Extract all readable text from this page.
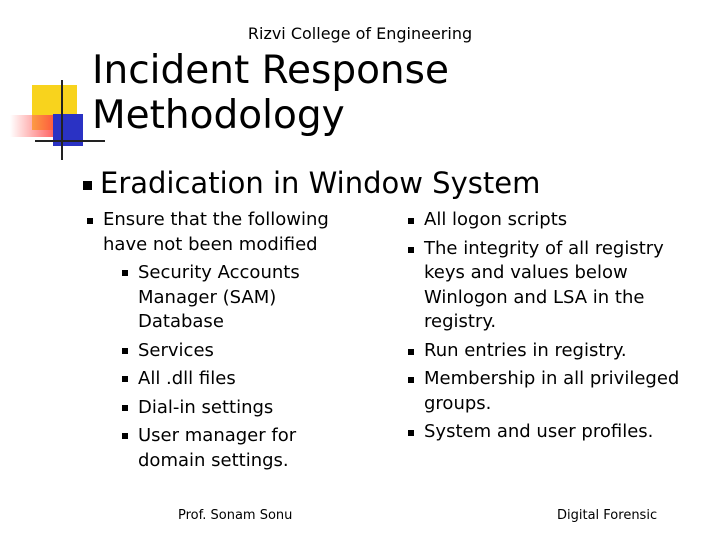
Rizvi College of Engineering
Incident Response
Methodology
Eradication in Window System
Ensure that the following have not been modified
Security Accounts Manager (SAM) Database
Services
All .dll files
Dial-in settings
User manager for domain settings.
All logon scripts
The integrity of all registry keys and values below Winlogon and LSA in the registry.
Run entries in registry.
Membership in all privileged groups.
System and user profiles.
Prof. Sonam Sonu	Digital Forensic
